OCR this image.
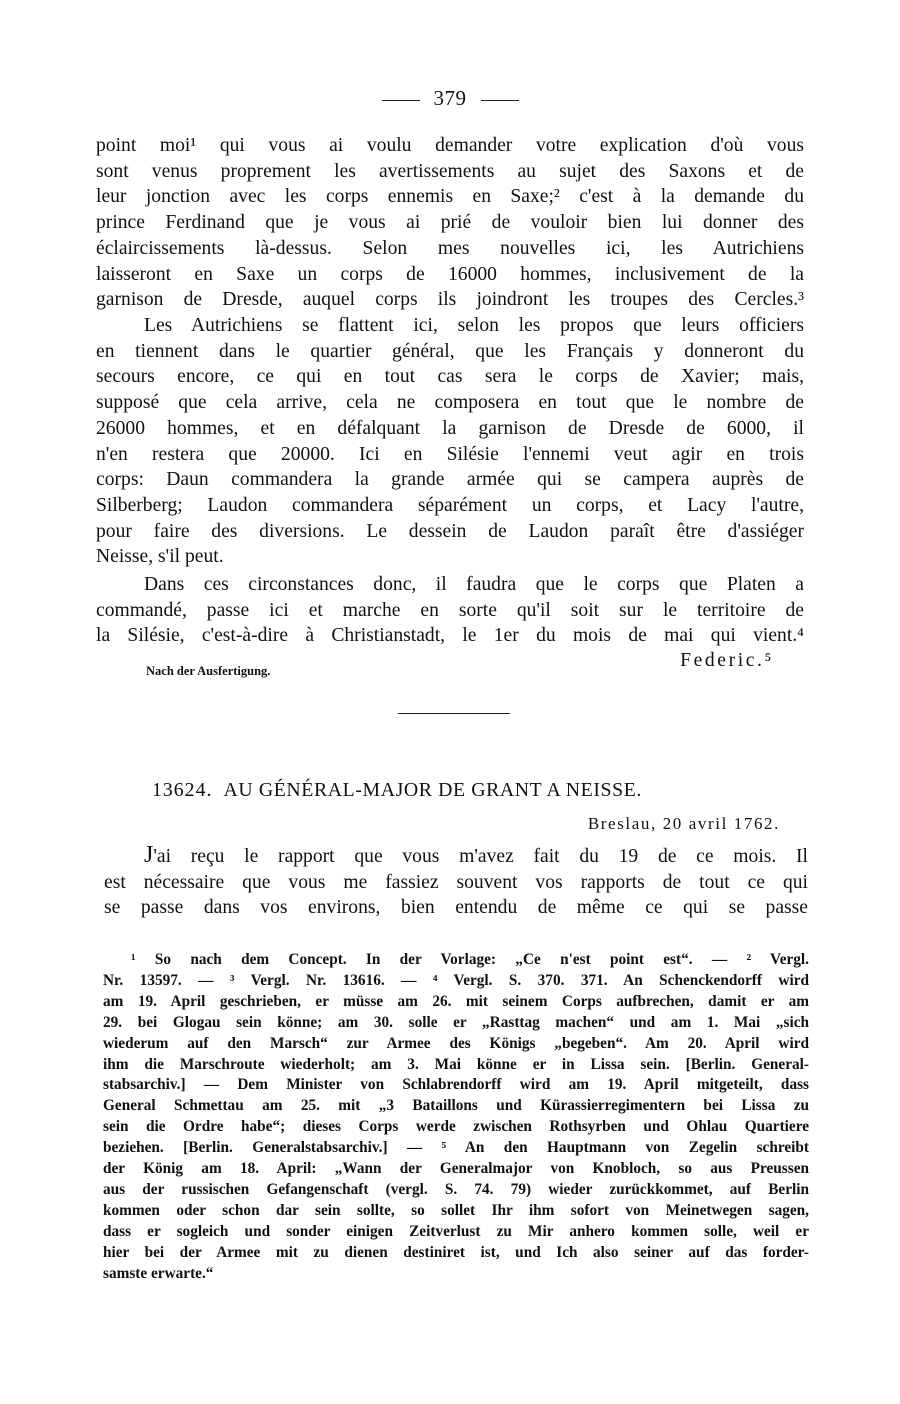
379
point moi¹ qui vous ai voulu demander votre explication d'où vous
sont venus proprement les avertissements au sujet des Saxons et de
leur jonction avec les corps ennemis en Saxe;² c'est à la demande du
prince Ferdinand que je vous ai prié de vouloir bien lui donner des
éclaircissements là-dessus. Selon mes nouvelles ici, les Autrichiens
laisseront en Saxe un corps de 16000 hommes, inclusivement de la
garnison de Dresde, auquel corps ils joindront les troupes des Cercles.³
Les Autrichiens se flattent ici, selon les propos que leurs officiers
en tiennent dans le quartier général, que les Français y donneront du
secours encore, ce qui en tout cas sera le corps de Xavier; mais,
supposé que cela arrive, cela ne composera en tout que le nombre de
26000 hommes, et en défalquant la garnison de Dresde de 6000, il
n'en restera que 20000. Ici en Silésie l'ennemi veut agir en trois
corps: Daun commandera la grande armée qui se campera auprès de
Silberberg; Laudon commandera séparément un corps, et Lacy l'autre,
pour faire des diversions. Le dessein de Laudon paraît être d'assiéger
Neisse, s'il peut.
Dans ces circonstances donc, il faudra que le corps que Platen a
commandé, passe ici et marche en sorte qu'il soit sur le territoire de
la Silésie, c'est-à-dire à Christianstadt, le 1er du mois de mai qui vient.⁴
Nach der Ausfertigung.	Federic.⁵
13624. AU GÉNÉRAL-MAJOR DE GRANT A NEISSE.
Breslau, 20 avril 1762.
J'ai reçu le rapport que vous m'avez fait du 19 de ce mois. Il
est nécessaire que vous me fassiez souvent vos rapports de tout ce qui
se passe dans vos environs, bien entendu de même ce qui se passe
¹ So nach dem Concept. In der Vorlage: „Ce n'est point est“. — ² Vergl.
Nr. 13597. — ³ Vergl. Nr. 13616. — ⁴ Vergl. S. 370. 371. An Schenckendorff wird
am 19. April geschrieben, er müsse am 26. mit seinem Corps aufbrechen, damit er am
29. bei Glogau sein könne; am 30. solle er „Rasttag machen“ und am 1. Mai „sich
wiederum auf den Marsch“ zur Armee des Königs „begeben“. Am 20. April wird
ihm die Marschroute wiederholt; am 3. Mai könne er in Lissa sein. [Berlin. General-
stabsarchiv.] — Dem Minister von Schlabrendorff wird am 19. April mitgeteilt, dass
General Schmettau am 25. mit „3 Bataillons und Kürassierregimentern bei Lissa zu
sein die Ordre habe“; dieses Corps werde zwischen Rothsyrben und Ohlau Quartiere
beziehen. [Berlin. Generalstabsarchiv.] — ⁵ An den Hauptmann von Zegelin schreibt
der König am 18. April: „Wann der Generalmajor von Knobloch, so aus Preussen
aus der russischen Gefangenschaft (vergl. S. 74. 79) wieder zurückkommet, auf Berlin
kommen oder schon dar sein sollte, so sollet Ihr ihm sofort von Meinetwegen sagen,
dass er sogleich und sonder einigen Zeitverlust zu Mir anhero kommen solle, weil er
hier bei der Armee mit zu dienen destiniret ist, und Ich also seiner auf das forder-
samste erwarte.“
